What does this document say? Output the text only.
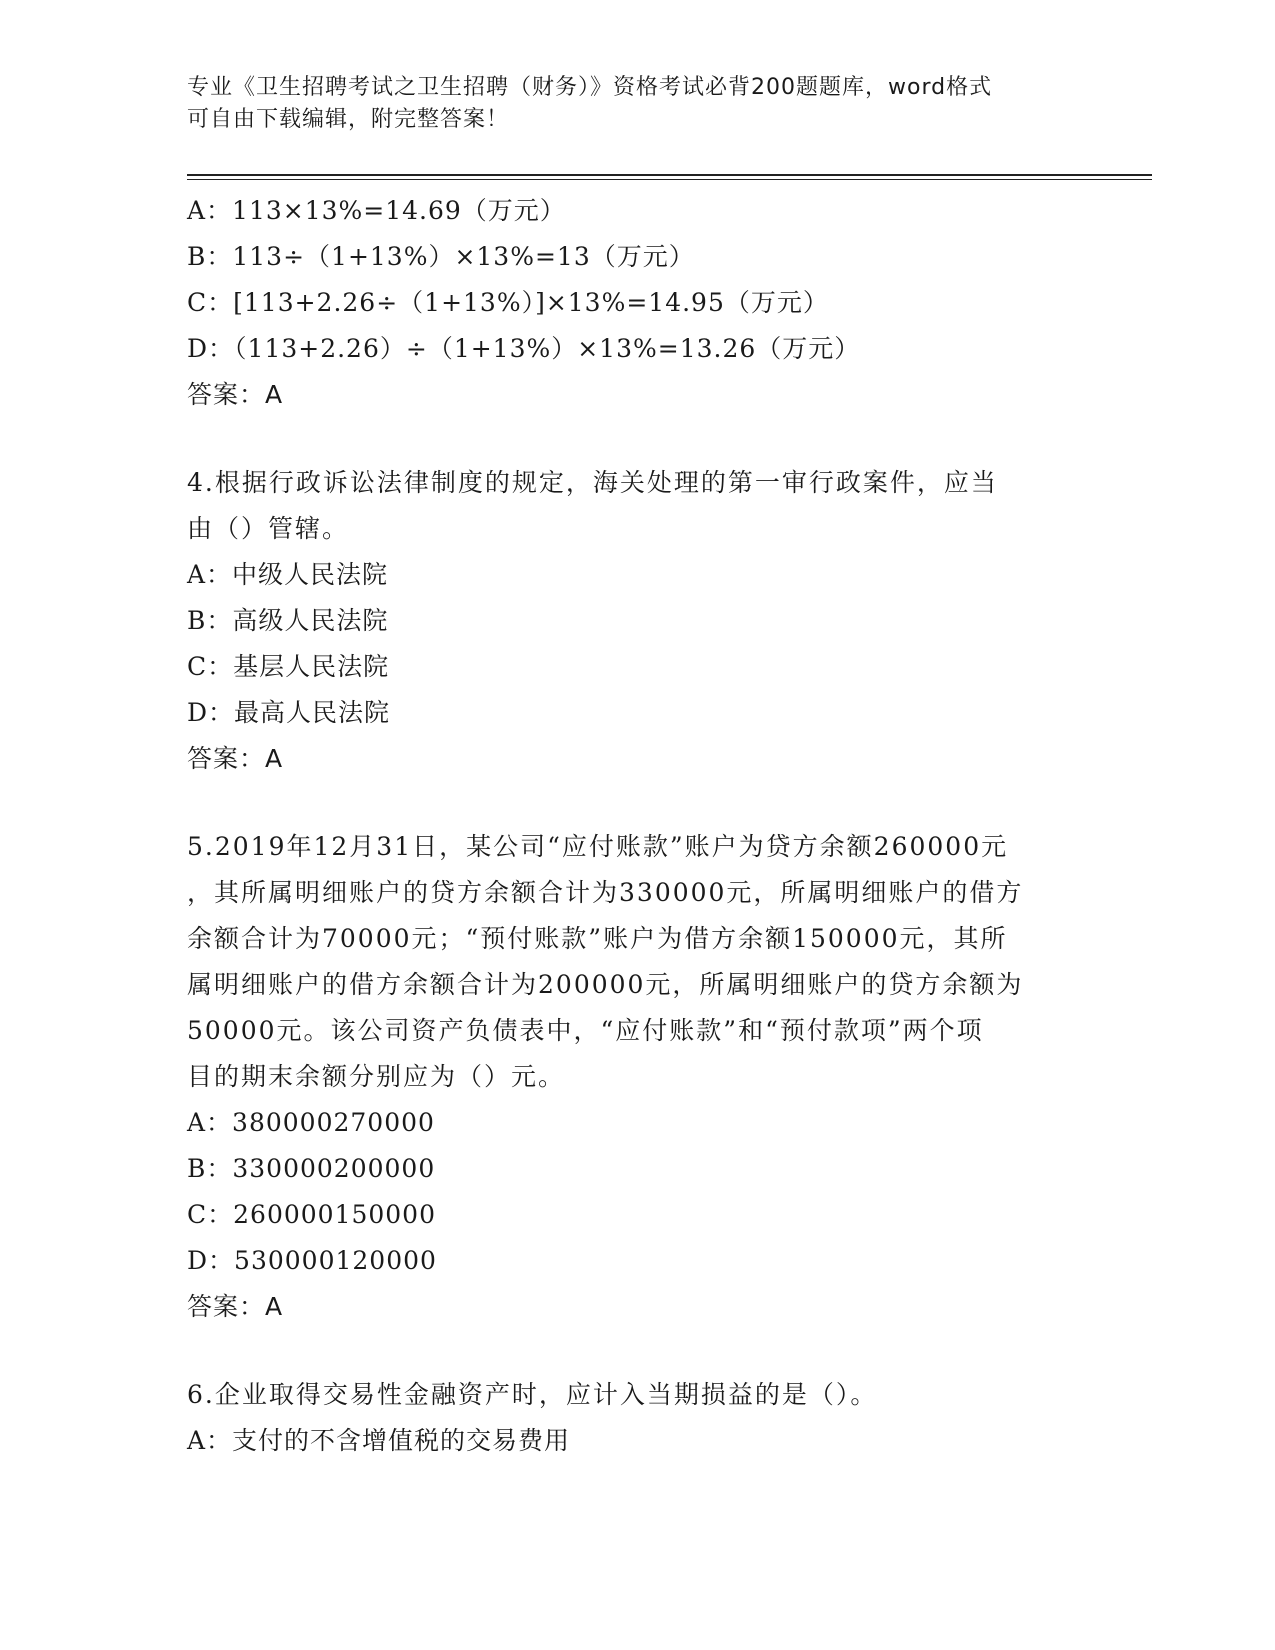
专业《卫生招聘考试之卫生招聘（财务）》资格考试必背200题题库，word格式
可自由下载编辑，附完整答案！
A：113×13%=14.69（万元）
B：113÷（1+13%）×13%=13（万元）
C：[113+2.26÷（1+13%）]×13%=14.95（万元）
D：（113+2.26）÷（1+13%）×13%=13.26（万元）
答案：A
4.根据行政诉讼法律制度的规定，海关处理的第一审行政案件，应当
由（）管辖。
A：中级人民法院
B：高级人民法院
C：基层人民法院
D：最高人民法院
答案：A
5.2019年12月31日，某公司“应付账款”账户为贷方余额260000元
，其所属明细账户的贷方余额合计为330000元，所属明细账户的借方
余额合计为70000元；“预付账款”账户为借方余额150000元，其所
属明细账户的借方余额合计为200000元，所属明细账户的贷方余额为
50000元。该公司资产负债表中，“应付账款”和“预付款项”两个项
目的期末余额分别应为（）元。
A：380000270000
B：330000200000
C：260000150000
D：530000120000
答案：A
6.企业取得交易性金融资产时，应计入当期损益的是（）。
A：支付的不含增值税的交易费用
